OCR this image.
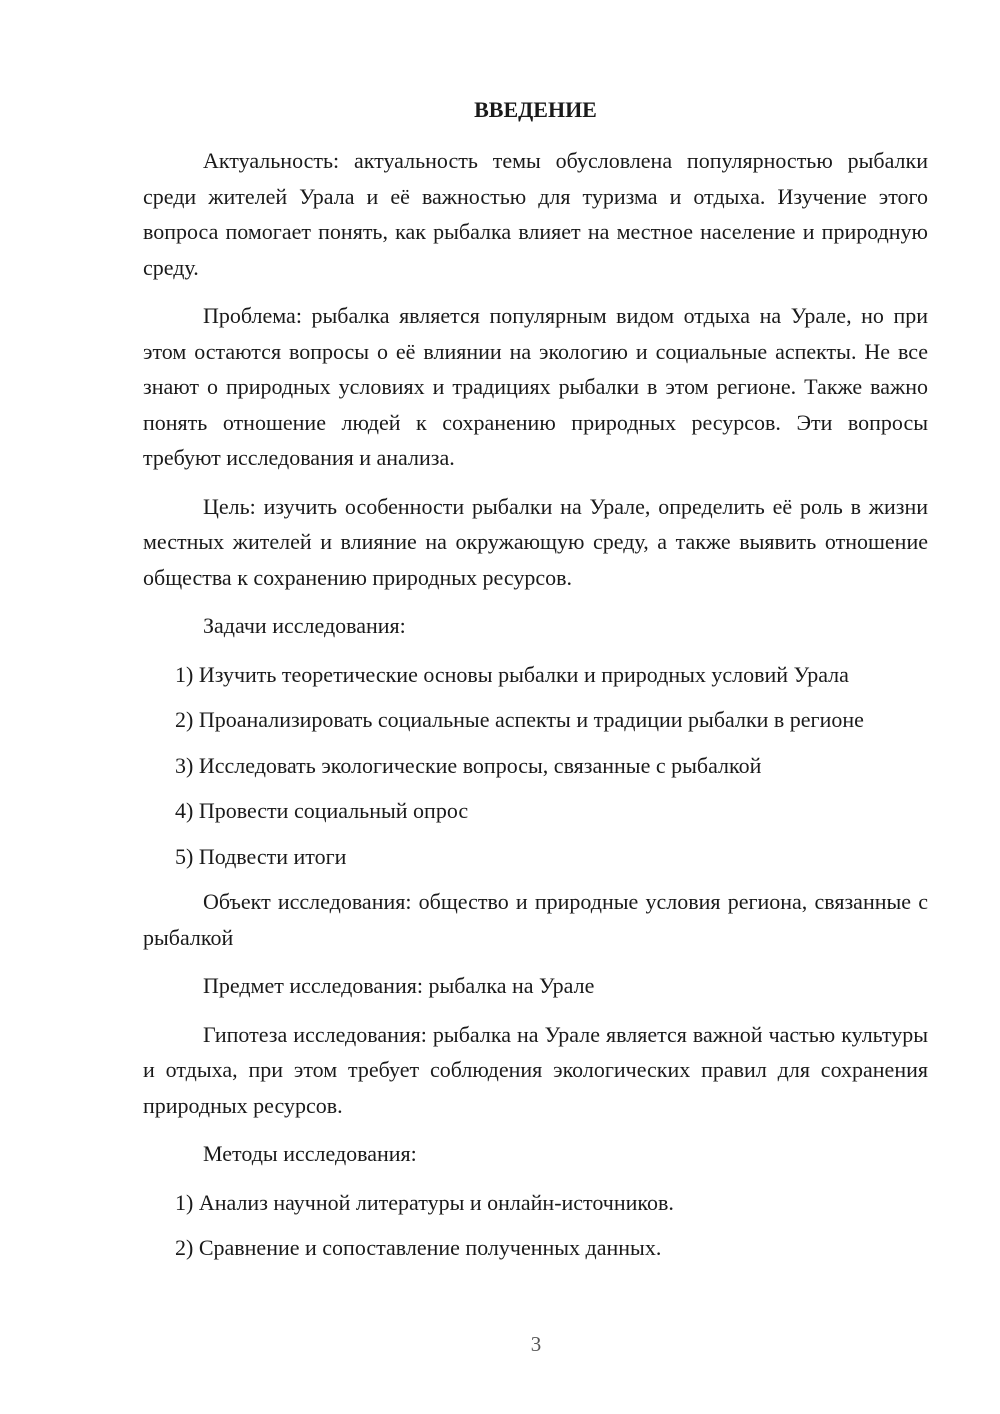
ВВЕДЕНИЕ

Актуальность: актуальность темы обусловлена популярностью рыбалки среди жителей Урала и её важностью для туризма и отдыха. Изучение этого вопроса помогает понять, как рыбалка влияет на местное население и природную среду.

Проблема: рыбалка является популярным видом отдыха на Урале, но при этом остаются вопросы о её влиянии на экологию и социальные аспекты. Не все знают о природных условиях и традициях рыбалки в этом регионе. Также важно понять отношение людей к сохранению природных ресурсов. Эти вопросы требуют исследования и анализа.

Цель: изучить особенности рыбалки на Урале, определить её роль в жизни местных жителей и влияние на окружающую среду, а также выявить отношение общества к сохранению природных ресурсов.

Задачи исследования:

1) Изучить теоретические основы рыбалки и природных условий Урала

2) Проанализировать социальные аспекты и традиции рыбалки в регионе

3) Исследовать экологические вопросы, связанные с рыбалкой

4) Провести социальный опрос

5) Подвести итоги

Объект исследования: общество и природные условия региона, связанные с рыбалкой

Предмет исследования: рыбалка на Урале

Гипотеза исследования: рыбалка на Урале является важной частью культуры и отдыха, при этом требует соблюдения экологических правил для сохранения природных ресурсов.

Методы исследования:

1) Анализ научной литературы и онлайн-источников.

2) Сравнение и сопоставление полученных данных.

3
